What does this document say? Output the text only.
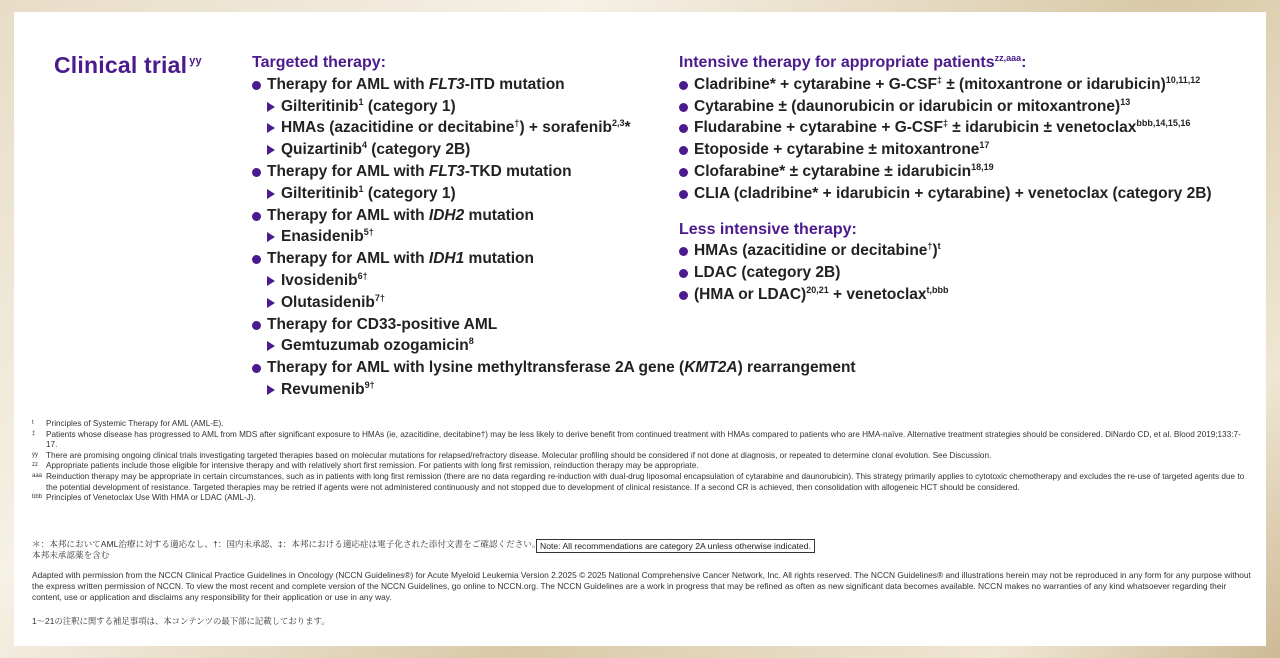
Clinical trial $^{yy}$	Targeted therapy:
Therapy for AML with FLT3-ITD mutation
Gilteritinib$^1$ (category 1)
HMAs (azacitidine or decitabine†) + sorafenib$^{2,3}$*
Quizartinib$^4$ (category 2B)
Therapy for AML with FLT3-TKD mutation
Gilteritinib$^1$ (category 1)
Therapy for AML with IDH2 mutation
Enasidenib$^{5\dagger}$
Therapy for AML with IDH1 mutation
Ivosidenib$^{6\dagger}$
Olutasidenib$^{7\dagger}$
Therapy for CD33-positive AML
Gemtuzumab ozogamicin$^8$
Therapy for AML with lysine methyltransferase 2A gene (KMT2A) rearrangement
Revumenib$^{9\dagger}$
Intensive therapy for appropriate patients$^{zz,aaa}$:
Cladribine* + cytarabine + G-CSF‡ ± (mitoxantrone or idarubicin)$^{10,11,12}$
Cytarabine ± (daunorubicin or idarubicin or mitoxantrone)$^{13}$
Fludarabine + cytarabine + G-CSF‡ ± idarubicin ± venetoclax$^{bbb,14,15,16}$
Etoposide + cytarabine ± mitoxantrone$^{17}$
Clofarabine* ± cytarabine ± idarubicin$^{18,19}$
CLIA (cladribine* + idarubicin + cytarabine) + venetoclax (category 2B)
Less intensive therapy:
HMAs (azacitidine or decitabine†)$^t$
LDAC (category 2B)
(HMA or LDAC)$^{20,21}$ + venetoclax$^{t,bbb}$
t Principles of Systemic Therapy for AML (AML-E).
‡ Patients whose disease has progressed to AML from MDS after significant exposure to HMAs (ie, azacitidine, decitabine†) may be less likely to derive benefit from continued treatment with HMAs compared to patients who are HMA-naïve. Alternative treatment strategies should be considered. DiNardo CD, et al. Blood 2019;133:7-17.
yy There are promising ongoing clinical trials investigating targeted therapies based on molecular mutations for relapsed/refractory disease. Molecular profiling should be considered if not done at diagnosis, or repeated to determine clonal evolution. See Discussion.
zz Appropriate patients include those eligible for intensive therapy and with relatively short first remission. For patients with long first remission, reinduction therapy may be appropriate.
aaa Reinduction therapy may be appropriate in certain circumstances, such as in patients with long first remission (there are no data regarding re-induction with dual-drug liposomal encapsulation of cytarabine and daunorubicin). This strategy primarily applies to cytotoxic chemotherapy and excludes the re-use of targeted agents due to the potential development of resistance. Targeted therapies may be retried if agents were not administered continuously and not stopped due to development of clinical resistance. If a second CR is achieved, then consolidation with allogeneic HCT should be considered.
bbb Principles of Venetoclax Use With HMA or LDAC (AML-J).
＊：本邦においてAML治療に対する適応なし、†：国内未承認、‡：本邦における適応症は電子化された添付文書をご確認ください。
本邦未承認薬を含む
Note: All recommendations are category 2A unless otherwise indicated.
Adapted with permission from the NCCN Clinical Practice Guidelines in Oncology (NCCN Guidelines®) for Acute Myeloid Leukemia Version 2.2025 © 2025 National Comprehensive Cancer Network, Inc. All rights reserved. The NCCN Guidelines® and illustrations herein may not be reproduced in any form for any purpose without the express written permission of NCCN. To view the most recent and complete version of the NCCN Guidelines, go online to NCCN.org. The NCCN Guidelines are a work in progress that may be refined as often as new significant data becomes available. NCCN makes no warranties of any kind whatsoever regarding their content, use or application and disclaims any responsibility for their application or use in any way.
1〜21の注釈に関する補足事項は、本コンテンツの最下部に記載しております。
